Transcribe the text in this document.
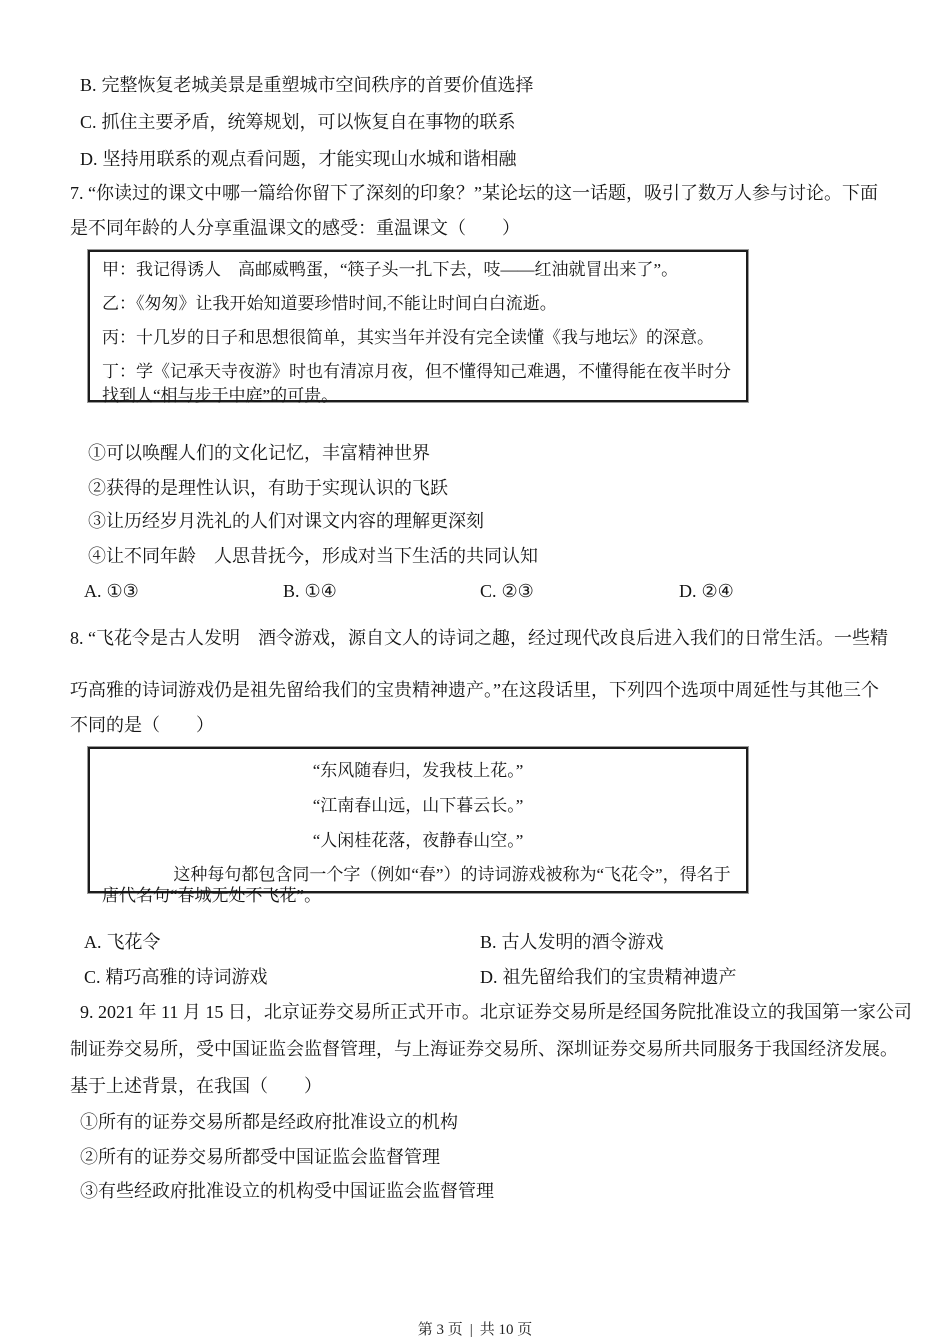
B. 完整恢复老城美景是重塑城市空间秩序的首要价值选择
C. 抓住主要矛盾，统筹规划，可以恢复自在事物的联系
D. 坚持用联系的观点看问题，才能实现山水城和谐相融
7. “你读过的课文中哪一篇给你留下了深刻的印象？”某论坛的这一话题，吸引了数万人参与讨论。下面
是不同年龄的人分享重温课文的感受：重温课文（　　）

甲：我记得诱人　高邮威鸭蛋，“筷子头一扎下去，吱——红油就冒出来了”。

乙：《匆匆》让我开始知道要珍惜时间,不能让时间白白流逝。

丙：十几岁的日子和思想很简单，其实当年并没有完全读懂《我与地坛》的深意。

丁：学《记承天寺夜游》时也有清凉月夜，但不懂得知己难遇，不懂得能在夜半时分找到人“相与步于中庭”的可贵。

①可以唤醒人们的文化记忆，丰富精神世界
②获得的是理性认识，有助于实现认识的飞跃
③让历经岁月洗礼的人们对课文内容的理解更深刻
④让不同年龄　人思昔抚今，形成对当下生活的共同认知
A. ①③	B. ①④	C. ②③	D. ②④
8. “飞花令是古人发明　酒令游戏，源自文人的诗词之趣，经过现代改良后进入我们的日常生活。一些精
巧高雅的诗词游戏仍是祖先留给我们的宝贵精神遗产。”在这段话里，下列四个选项中周延性与其他三个
不同的是（　　）

“东风随春归，发我枝上花。”

“江南春山远，山下暮云长。”

“人闲桂花落，夜静春山空。”

这种每句都包含同一个字（例如“春”）的诗词游戏被称为“飞花令”，得名于唐代名句“春城无处不飞花”。

A. 飞花令	B. 古人发明的酒令游戏
C. 精巧高雅的诗词游戏	D. 祖先留给我们的宝贵精神遗产
9. 2021 年 11 月 15 日，北京证券交易所正式开市。北京证券交易所是经国务院批准设立的我国第一家公司
制证券交易所，受中国证监会监督管理，与上海证券交易所、深圳证券交易所共同服务于我国经济发展。
基于上述背景，在我国（　　）
①所有的证券交易所都是经政府批准设立的机构
②所有的证券交易所都受中国证监会监督管理
③有些经政府批准设立的机构受中国证监会监督管理
第 3 页 | 共 10 页
